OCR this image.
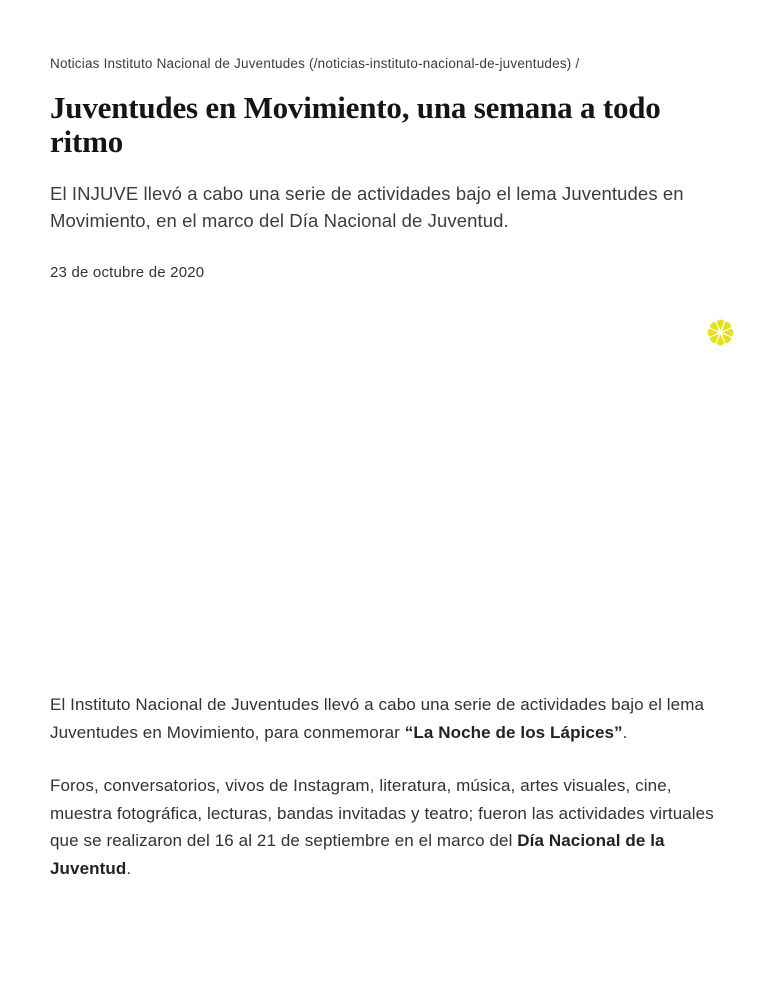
Noticias Instituto Nacional de Juventudes (/noticias-instituto-nacional-de-juventudes) /
Juventudes en Movimiento, una semana a todo ritmo

El INJUVE llevó a cabo una serie de actividades bajo el lema Juventudes en Movimiento, en el marco del Día Nacional de Juventud.

23 de octubre de 2020

El Instituto Nacional de Juventudes llevó a cabo una serie de actividades bajo el lema Juventudes en Movimiento, para conmemorar “La Noche de los Lápices”.

Foros, conversatorios, vivos de Instagram, literatura, música, artes visuales, cine, muestra fotográfica, lecturas, bandas invitadas y teatro; fueron las actividades virtuales que se realizaron del 16 al 21 de septiembre en el marco del Día Nacional de la Juventud.
